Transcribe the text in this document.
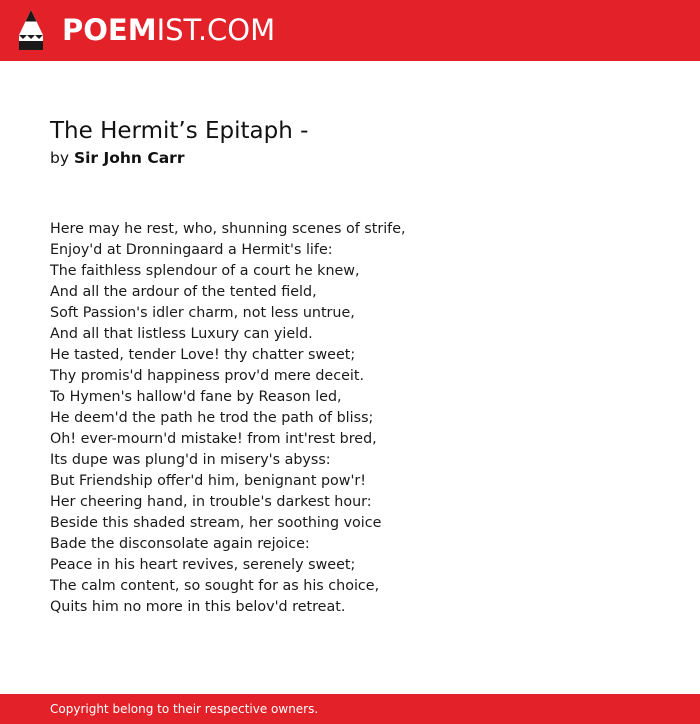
POEMIST.COM
The Hermit’s Epitaph -
by Sir John Carr
Here may he rest, who, shunning scenes of strife,
Enjoy'd at Dronningaard a Hermit's life:
The faithless splendour of a court he knew,
And all the ardour of the tented field,
Soft Passion's idler charm, not less untrue,
And all that listless Luxury can yield.
He tasted, tender Love! thy chatter sweet;
Thy promis'd happiness prov'd mere deceit.
To Hymen's hallow'd fane by Reason led,
He deem'd the path he trod the path of bliss;
Oh! ever-mourn'd mistake! from int'rest bred,
Its dupe was plung'd in misery's abyss:
But Friendship offer'd him, benignant pow'r!
Her cheering hand, in trouble's darkest hour:
Beside this shaded stream, her soothing voice
Bade the disconsolate again rejoice:
Peace in his heart revives, serenely sweet;
The calm content, so sought for as his choice,
Quits him no more in this belov'd retreat.
Copyright belong to their respective owners.
